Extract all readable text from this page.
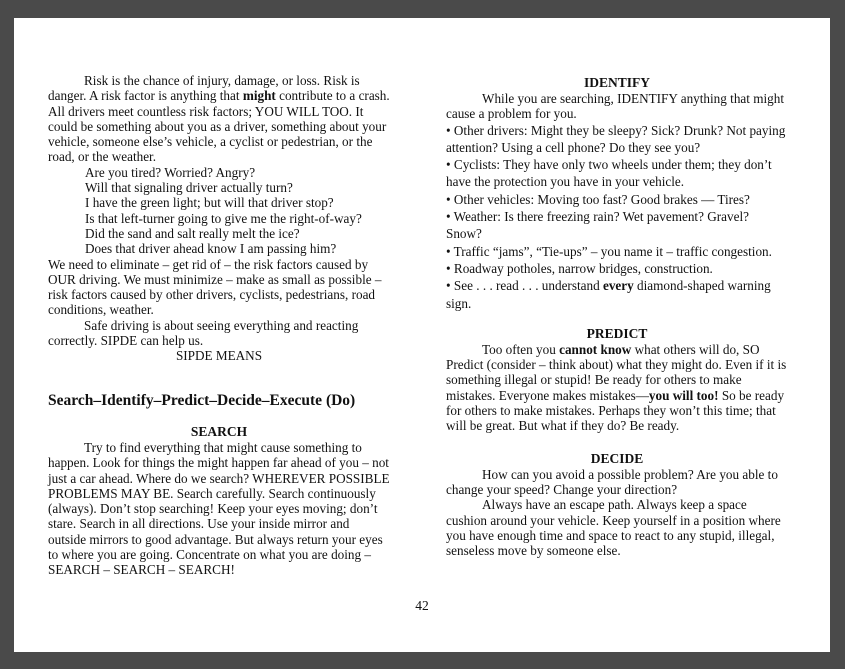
Risk is the chance of injury, damage, or loss. Risk is danger. A risk factor is anything that might contribute to a crash. All drivers meet countless risk factors; YOU WILL TOO. It could be something about you as a driver, something about your vehicle, someone else’s vehicle, a cyclist or pedestrian, or the road, or the weather.

Are you tired? Worried? Angry?

Will that signaling driver actually turn?

I have the green light; but will that driver stop?

Is that left-turner going to give me the right-of-way?

Did the sand and salt really melt the ice?

Does that driver ahead know I am passing him?

We need to eliminate – get rid of – the risk factors caused by OUR driving. We must minimize – make as small as possible – risk factors caused by other drivers, cyclists, pedestrians, road conditions, weather.

Safe driving is about seeing everything and reacting correctly. SIPDE can help us.

SIPDE MEANS

Search–Identify–Predict–Decide–Execute (Do)
SEARCH

Try to find everything that might cause something to happen. Look for things the might happen far ahead of you – not just a car ahead. Where do we search? WHEREVER POSSIBLE PROBLEMS MAY BE. Search carefully. Search continuously (always). Don’t stop searching! Keep your eyes moving; don’t stare. Search in all directions. Use your inside mirror and outside mirrors to good advantage. But always return your eyes to where you are going. Concentrate on what you are doing – SEARCH – SEARCH – SEARCH!

IDENTIFY

While you are searching, IDENTIFY anything that might cause a problem for you.

• Other drivers: Might they be sleepy? Sick? Drunk? Not paying attention? Using a cell phone? Do they see you?

• Cyclists: They have only two wheels under them; they don’t have the protection you have in your vehicle.

• Other vehicles: Moving too fast? Good brakes — Tires?

• Weather: Is there freezing rain? Wet pavement? Gravel? Snow?

• Traffic “jams”, “Tie-ups” – you name it – traffic congestion.

• Roadway potholes, narrow bridges, construction.

• See . . . read . . . understand every diamond-shaped warning sign.

PREDICT

Too often you cannot know what others will do, SO Predict (consider – think about) what they might do. Even if it is something illegal or stupid! Be ready for others to make mistakes. Everyone makes mistakes—you will too! So be ready for others to make mistakes. Perhaps they won’t this time; that will be great. But what if they do? Be ready.

DECIDE

How can you avoid a possible problem? Are you able to change your speed? Change your direction?

Always have an escape path. Always keep a space cushion around your vehicle. Keep yourself in a position where you have enough time and space to react to any stupid, illegal, senseless move by someone else.

42
